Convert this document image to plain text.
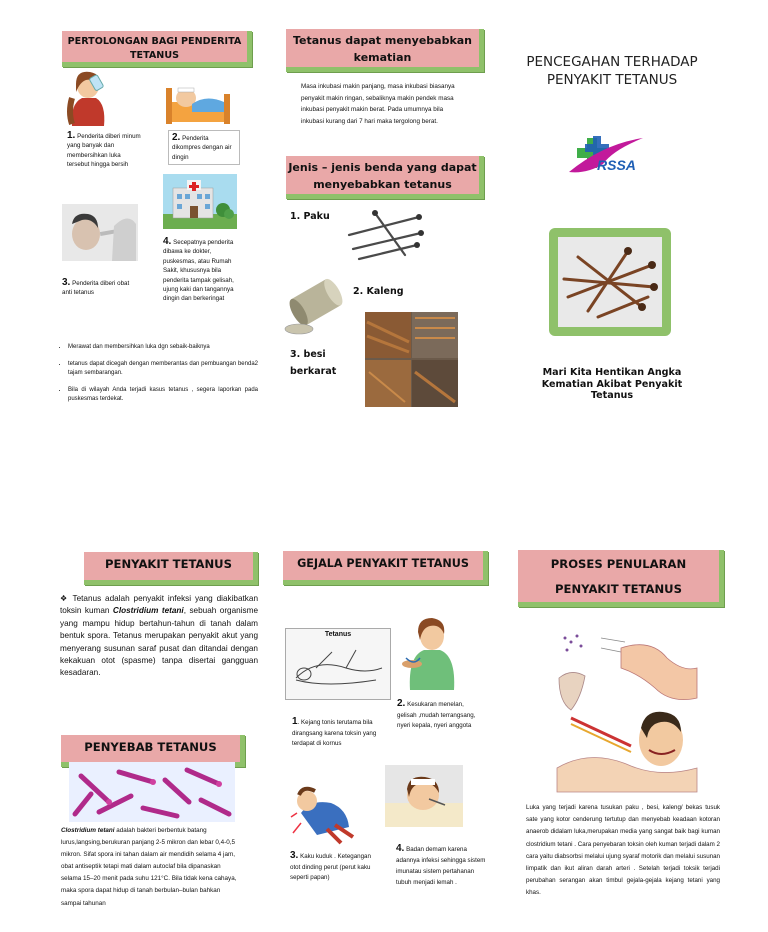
PERTOLONGAN BAGI PENDERITA TETANUS
1. Penderita diberi minum yang banyak dan membersihkan luka tersebut hingga bersih
2. Penderita dikompres dengan air dingin
3. Penderita diberi obat anti tetanus
4. Secepatnya penderita dibawa ke dokter, puskesmas, atau Rumah Sakit, khususnya bila penderita tampak gelisah, ujung kaki dan tangannya dingin dan berkeringat
• Merawat dan membersihkan luka dgn sebaik-baiknya
• tetanus dapat dicegah dengan memberantas dan pembuangan benda2 tajam sembarangan.
• Bila di wilayah Anda terjadi kasus tetanus , segera laporkan pada puskesmas terdekat.
Tetanus dapat menyebabkan kematian
Masa inkubasi makin panjang, masa inkubasi biasanya penyakit makin ringan, sebaliknya makin pendek masa inkubasi penyakit makin berat. Pada umumnya bila inkubasi kurang dari 7 hari maka tergolong berat.
Jenis – jenis benda yang dapat menyebabkan tetanus
1. Paku
2. Kaleng
3. besi berkarat
PENCEGAHAN TERHADAP PENYAKIT TETANUS
RSSA
Mari Kita Hentikan Angka Kematian Akibat Penyakit Tetanus
PENYAKIT TETANUS
❖ Tetanus adalah penyakit infeksi yang diakibatkan toksin kuman Clostridium tetani, sebuah organisme yang mampu hidup bertahun-tahun di tanah dalam bentuk spora. Tetanus merupakan penyakit akut yang menyerang susunan saraf pusat dan ditandai dengan kekakuan otot (spasme) tanpa disertai gangguan kesadaran.
PENYEBAB TETANUS
Clostridium tetani adalah bakteri berbentuk batang lurus,langsing,berukuran panjang 2-5 mikron dan lebar 0,4-0,5 mikron. Sifat spora ini tahan dalam air mendidih selama 4 jam, obat antiseptik tetapi mati dalam autoclaf bila dipanaskan selama 15–20 menit pada suhu 121°C. Bila tidak kena cahaya, maka spora dapat hidup di tanah berbulan–bulan bahkan sampai tahunan
GEJALA PENYAKIT TETANUS
Tetanus
1. Kejang tonis terutama bila dirangsang karena toksin yang terdapat di kornus
2. Kesukaran menelan, gelisah ,mudah terrangsang, nyeri kepala, nyeri anggota
3. Kaku kuduk . Ketegangan otot dinding perut (perut kaku seperti papan)
4. Badan demam karena adannya infeksi sehingga sistem imunatau sistem pertahanan tubuh menjadi lemah .
PROSES PENULARAN PENYAKIT TETANUS
Luka yang terjadi karena tusukan paku , besi, kaleng/ bekas tusuk sate yang kotor cenderung tertutup dan menyebab keadaan kotoran anaerob didalam luka,merupakan media yang sangat baik bagi kuman clostridium tetani . Cara penyebaran toksin oleh kuman terjadi dalam 2 cara yaitu diabsorbsi melalui ujung syaraf motorik dan melalui susunan limpatik dan ikut aliran darah arteri . Setelah terjadi toksik terjadi perubahan serangan akan timbul gejala-gejala kejang tetani yang khas.
